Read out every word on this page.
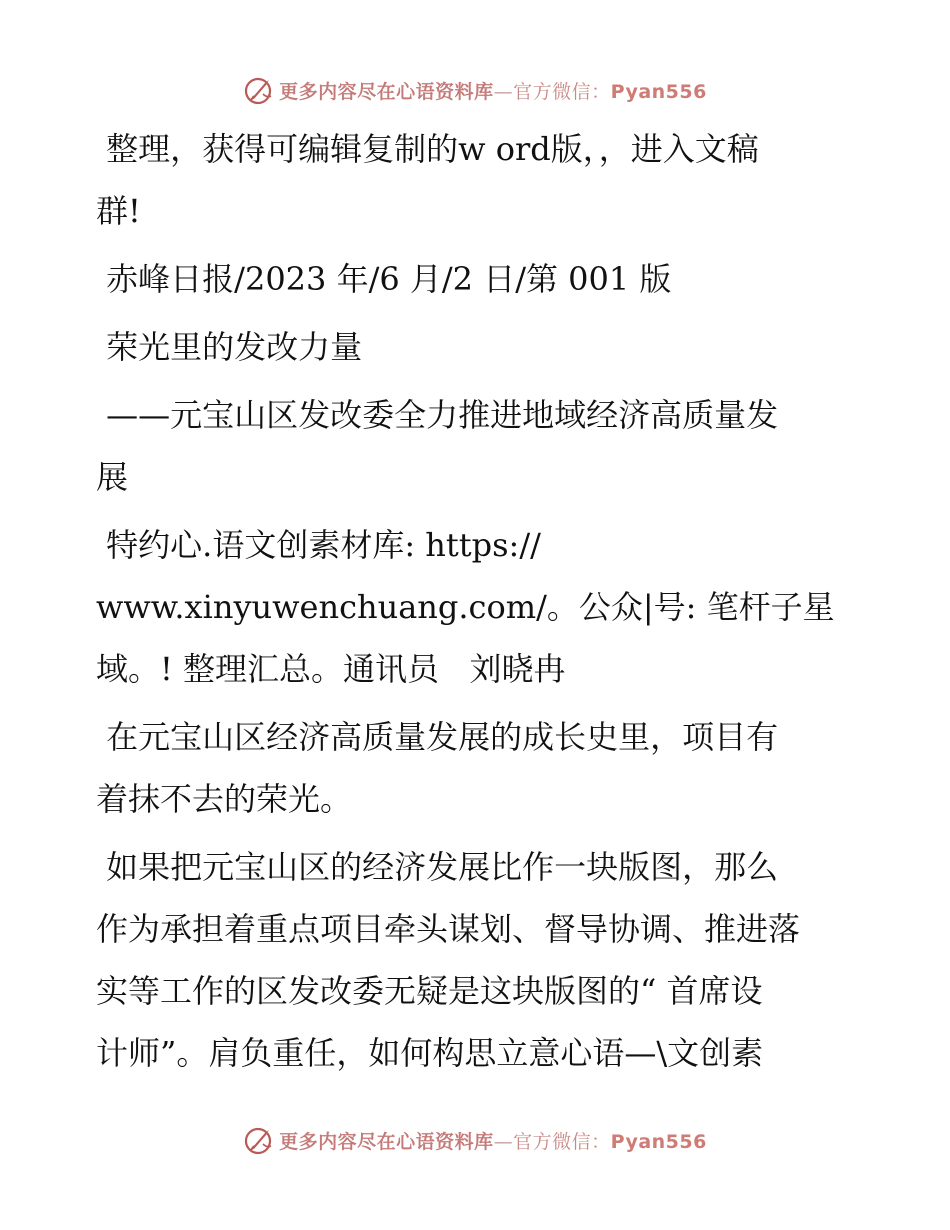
更多内容尽在心语资料库—官方微信：Pyan556

整理，获得可编辑复制的w ord版，，进入文稿
群!

赤峰日报/2023 年/6 月/2 日/第 001 版

荣光里的发改力量

——元宝山区发改委全力推进地域经济高质量发
展

特约心.语文创素材库: https://
www.xinyuwenchuang.com/。公众|号: 笔杆子星
域。! 整理汇总。通讯员   刘晓冉

在元宝山区经济高质量发展的成长史里，项目有
着抹不去的荣光。

如果把元宝山区的经济发展比作一块版图，那么
作为承担着重点项目牵头谋划、督导协调、推进落
实等工作的区发改委无疑是这块版图的“ 首席设
计师”。肩负重任，如何构思立意心语—\文创素

更多内容尽在心语资料库—官方微信：Pyan556
